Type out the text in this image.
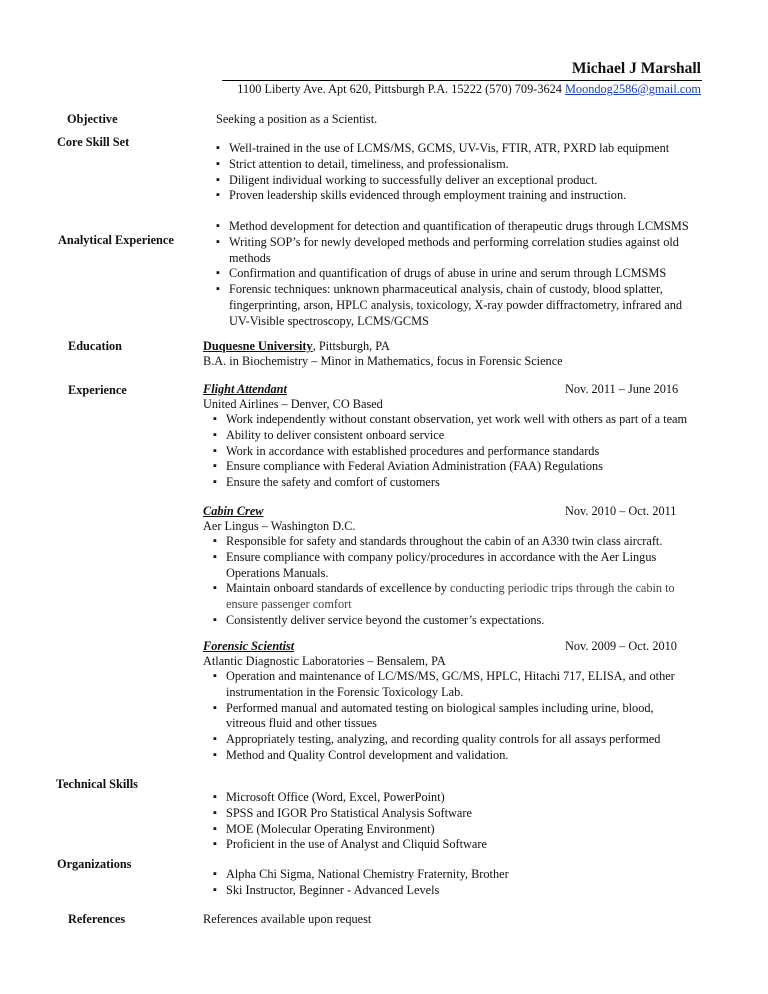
Michael J Marshall
1100 Liberty Ave. Apt 620, Pittsburgh P.A. 15222 (570) 709-3624 Moondog2586@gmail.com
Objective	Seeking a position as a Scientist.
Core Skill Set
▪	Well-trained in the use of LCMS/MS, GCMS, UV-Vis, FTIR, ATR, PXRD lab equipment
▪ Strict attention to detail, timeliness, and professionalism.
▪ Diligent individual working to successfully deliver an exceptional product.
▪ Proven leadership skills evidenced through employment training and instruction.
Analytical Experience
▪ Method development for detection and quantification of therapeutic drugs through LCMSMS
▪ Writing SOP’s for newly developed methods and performing correlation studies against old methods
▪ Confirmation and quantification of drugs of abuse in urine and serum through LCMSMS
▪ Forensic techniques: unknown pharmaceutical analysis, chain of custody, blood splatter, fingerprinting, arson, HPLC analysis, toxicology, X-ray powder diffractometry, infrared and UV-Visible spectroscopy, LCMS/GCMS
Education	Duquesne University, Pittsburgh, PA
B.A. in Biochemistry – Minor in Mathematics, focus in Forensic Science
Experience	Flight Attendant	Nov. 2011 – June 2016
United Airlines – Denver, CO Based
▪ Work independently without constant observation, yet work well with others as part of a team
▪ Ability to deliver consistent onboard service
▪ Work in accordance with established procedures and performance standards
▪ Ensure compliance with Federal Aviation Administration (FAA) Regulations
▪ Ensure the safety and comfort of customers
Cabin Crew	Nov. 2010 – Oct. 2011
Aer Lingus – Washington D.C.
▪ Responsible for safety and standards throughout the cabin of an A330 twin class aircraft.
▪ Ensure compliance with company policy/procedures in accordance with the Aer Lingus Operations Manuals.
▪ Maintain onboard standards of excellence by conducting periodic trips through the cabin to ensure passenger comfort
▪ Consistently deliver service beyond the customer’s expectations.
Forensic Scientist	Nov. 2009 – Oct. 2010
Atlantic Diagnostic Laboratories – Bensalem, PA
▪ Operation and maintenance of LC/MS/MS, GC/MS, HPLC, Hitachi 717, ELISA, and other instrumentation in the Forensic Toxicology Lab.
▪ Performed manual and automated testing on biological samples including urine, blood, vitreous fluid and other tissues
▪ Appropriately testing, analyzing, and recording quality controls for all assays performed
▪ Method and Quality Control development and validation.
Technical Skills
▪ Microsoft Office (Word, Excel, PowerPoint)
▪ SPSS and IGOR Pro Statistical Analysis Software
▪ MOE (Molecular Operating Environment)
▪ Proficient in the use of Analyst and Cliquid Software
Organizations
▪ Alpha Chi Sigma, National Chemistry Fraternity, Brother
▪ Ski Instructor, Beginner - Advanced Levels
References	References available upon request
